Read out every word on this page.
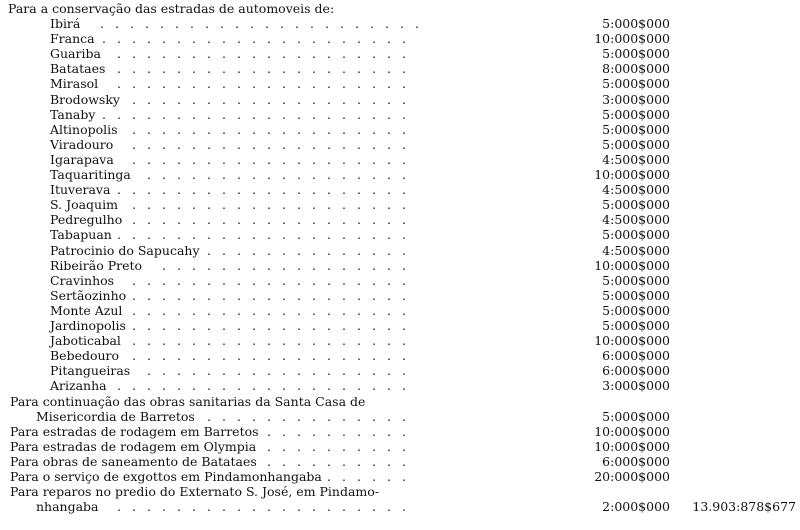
Para a conservação das estradas de automoveis de:
Ibirá . . . . . . . . . . . . . . . . . . . . . .	5:000$000
Franca . . . . . . . . . . . . . . . . . . . . .	10:000$000
Guariba . . . . . . . . . . . . . . . . . . . .	5:000$000
Batataes . . . . . . . . . . . . . . . . . . . .	8:000$000
Mirasol . . . . . . . . . . . . . . . . . . . .	5:000$000
Brodowsky . . . . . . . . . . . . . . . . . . .	3:000$000
Tanaby . . . . . . . . . . . . . . . . . . . . .	5:000$000
Altinopolis . . . . . . . . . . . . . . . . . . .	5:000$000
Viradouro . . . . . . . . . . . . . . . . . . .	5:000$000
Igarapava . . . . . . . . . . . . . . . . . . .	4:500$000
Taquaritinga . . . . . . . . . . . . . . . . . .	10:000$000
Ituverava . . . . . . . . . . . . . . . . . . . .	4:500$000
S. Joaquim . . . . . . . . . . . . . . . . . . .	5:000$000
Pedregulho . . . . . . . . . . . . . . . . . . .	4:500$000
Tabapuan . . . . . . . . . . . . . . . . . . . .	5:000$000
Patrocinio do Sapucahy . . . . . . . . . . . . . .	4:500$000
Ribeirão Preto . . . . . . . . . . . . . . . . .	10:000$000
Cravinhos . . . . . . . . . . . . . . . . . . .	5:000$000
Sertãozinho . . . . . . . . . . . . . . . . . . .	5:000$000
Monte Azul . . . . . . . . . . . . . . . . . . .	5:000$000
Jardinopolis . . . . . . . . . . . . . . . . . . .	5:000$000
Jaboticabal . . . . . . . . . . . . . . . . . . .	10:000$000
Bebedouro . . . . . . . . . . . . . . . . . . .	6:000$000
Pitangueiras . . . . . . . . . . . . . . . . . .	6:000$000
Arizanha . . . . . . . . . . . . . . . . . . . .	3:000$000
Para continuação das obras sanitarias da Santa Casa de
Misericordia de Barretos . . . . . . . . . . . . . .	5:000$000
Para estradas de rodagem em Barretos . . . . . . . . . .	10:000$000
Para estradas de rodagem em Olympia . . . . . . . . . .	10:000$000
Para obras de saneamento de Batataes . . . . . . . . . .	6:000$000
Para o serviço de exgottos em Pindamonhangaba . . . . . .	20:000$000
Para reparos no predio do Externato S. José, em Pindamo-
nhangaba . . . . . . . . . . . . . . . . . . . .	2:000$000 13.903:878$677
